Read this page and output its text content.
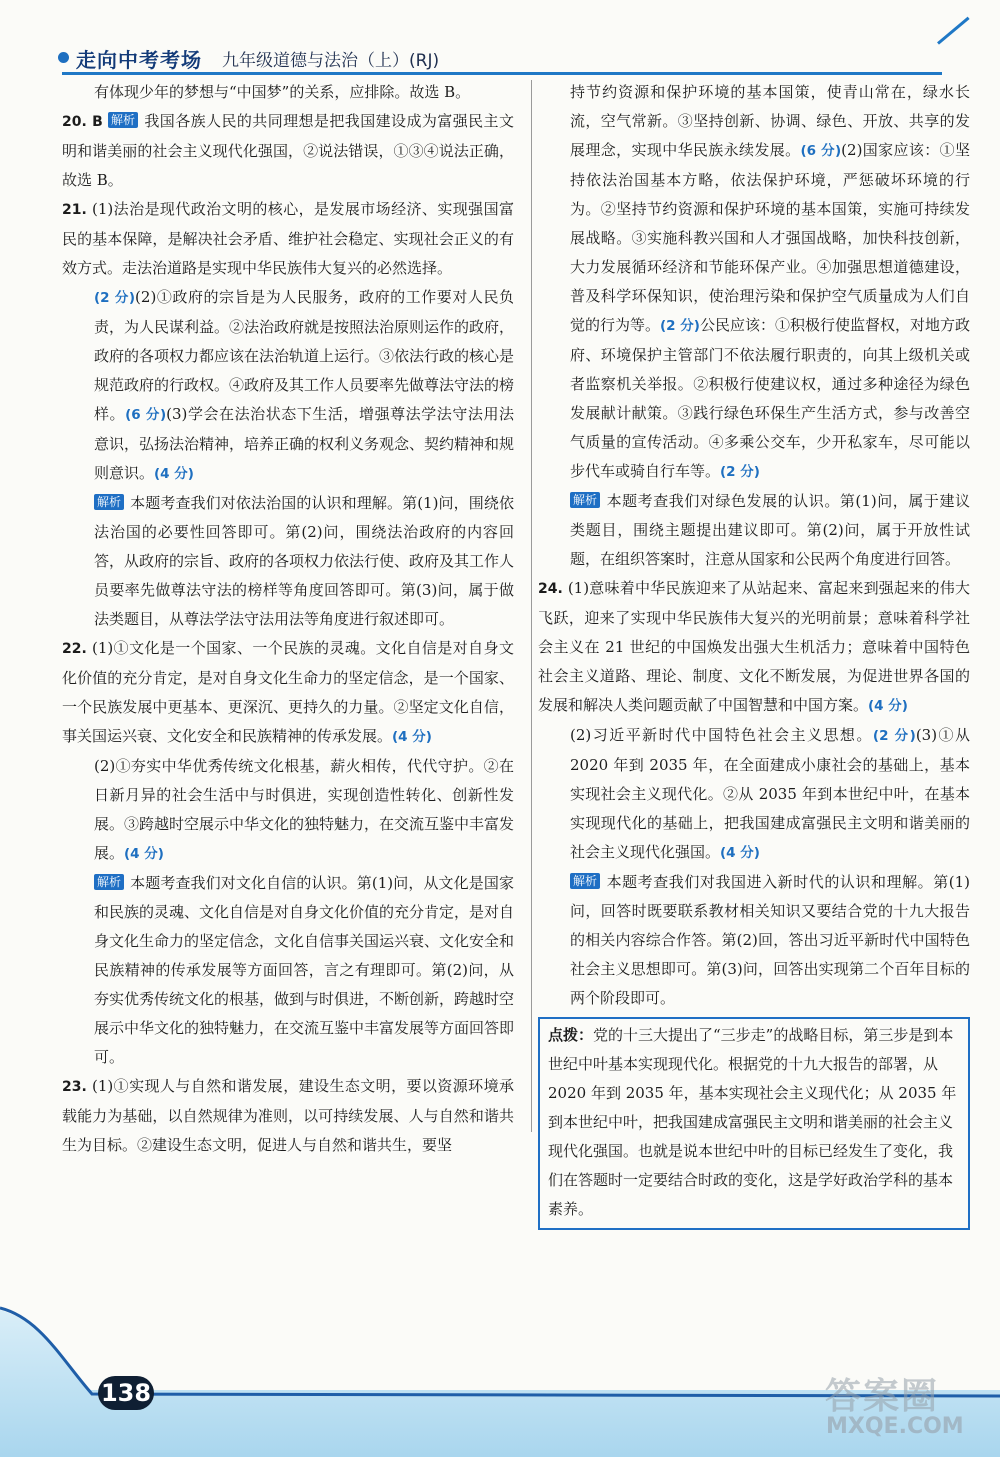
走向中考考场 九年级道德与法治（上）(RJ)

有体现少年的梦想与“中国梦”的关系，应排除。故选 B。

20. B 解析 我国各族人民的共同理想是把我国建设成为富强民主文明和谐美丽的社会主义现代化强国，②说法错误，①③④说法正确，故选 B。

21. (1)法治是现代政治文明的核心，是发展市场经济、实现强国富民的基本保障，是解决社会矛盾、维护社会稳定、实现社会正义的有效方式。走法治道路是实现中华民族伟大复兴的必然选择。

(2 分)(2)①政府的宗旨是为人民服务，政府的工作要对人民负责，为人民谋利益。②法治政府就是按照法治原则运作的政府，政府的各项权力都应该在法治轨道上运行。③依法行政的核心是规范政府的行政权。④政府及其工作人员要率先做尊法守法的榜样。(6 分)(3)学会在法治状态下生活，增强尊法学法守法用法意识，弘扬法治精神，培养正确的权利义务观念、契约精神和规则意识。(4 分)

解析 本题考查我们对依法治国的认识和理解。第(1)问，围绕依法治国的必要性回答即可。第(2)问，围绕法治政府的内容回答，从政府的宗旨、政府的各项权力依法行使、政府及其工作人员要率先做尊法守法的榜样等角度回答即可。第(3)问，属于做法类题目，从尊法学法守法用法等角度进行叙述即可。

22. (1)①文化是一个国家、一个民族的灵魂。文化自信是对自身文化价值的充分肯定，是对自身文化生命力的坚定信念，是一个国家、一个民族发展中更基本、更深沉、更持久的力量。②坚定文化自信，事关国运兴衰、文化安全和民族精神的传承发展。(4 分)

(2)①夯实中华优秀传统文化根基，薪火相传，代代守护。②在日新月异的社会生活中与时俱进，实现创造性转化、创新性发展。③跨越时空展示中华文化的独特魅力，在交流互鉴中丰富发展。(4 分)

解析 本题考查我们对文化自信的认识。第(1)问，从文化是国家和民族的灵魂、文化自信是对自身文化价值的充分肯定，是对自身文化生命力的坚定信念，文化自信事关国运兴衰、文化安全和民族精神的传承发展等方面回答，言之有理即可。第(2)问，从夯实优秀传统文化的根基，做到与时俱进，不断创新，跨越时空展示中华文化的独特魅力，在交流互鉴中丰富发展等方面回答即可。

23. (1)①实现人与自然和谐发展，建设生态文明，要以资源环境承载能力为基础，以自然规律为准则，以可持续发展、人与自然和谐共生为目标。②建设生态文明，促进人与自然和谐共生，要坚

持节约资源和保护环境的基本国策，使青山常在，绿水长流，空气常新。③坚持创新、协调、绿色、开放、共享的发展理念，实现中华民族永续发展。(6 分)(2)国家应该：①坚持依法治国基本方略，依法保护环境，严惩破坏环境的行为。②坚持节约资源和保护环境的基本国策，实施可持续发展战略。③实施科教兴国和人才强国战略，加快科技创新，大力发展循环经济和节能环保产业。④加强思想道德建设，普及科学环保知识，使治理污染和保护空气质量成为人们自觉的行为等。(2 分)公民应该：①积极行使监督权，对地方政府、环境保护主管部门不依法履行职责的，向其上级机关或者监察机关举报。②积极行使建议权，通过多种途径为绿色发展献计献策。③践行绿色环保生产生活方式，参与改善空气质量的宣传活动。④多乘公交车，少开私家车，尽可能以步代车或骑自行车等。(2 分)

解析 本题考查我们对绿色发展的认识。第(1)问，属于建议类题目，围绕主题提出建议即可。第(2)问，属于开放性试题，在组织答案时，注意从国家和公民两个角度进行回答。

24. (1)意味着中华民族迎来了从站起来、富起来到强起来的伟大飞跃，迎来了实现中华民族伟大复兴的光明前景；意味着科学社会主义在 21 世纪的中国焕发出强大生机活力；意味着中国特色社会主义道路、理论、制度、文化不断发展，为促进世界各国的发展和解决人类问题贡献了中国智慧和中国方案。(4 分)

(2)习近平新时代中国特色社会主义思想。(2 分)(3)①从 2020 年到 2035 年，在全面建成小康社会的基础上，基本实现社会主义现代化。②从 2035 年到本世纪中叶，在基本实现现代化的基础上，把我国建成富强民主文明和谐美丽的社会主义现代化强国。(4 分)

解析 本题考查我们对我国进入新时代的认识和理解。第(1)问，回答时既要联系教材相关知识又要结合党的十九大报告的相关内容综合作答。第(2)回，答出习近平新时代中国特色社会主义思想即可。第(3)问，回答出实现第二个百年目标的两个阶段即可。

点拨：党的十三大提出了“三步走”的战略目标，第三步是到本世纪中叶基本实现现代化。根据党的十九大报告的部署，从 2020 年到 2035 年，基本实现社会主义现代化；从 2035 年到本世纪中叶，把我国建成富强民主文明和谐美丽的社会主义现代化强国。也就是说本世纪中叶的目标已经发生了变化，我们在答题时一定要结合时政的变化，这是学好政治学科的基本素养。
138	答案圈
MXQE.COM
